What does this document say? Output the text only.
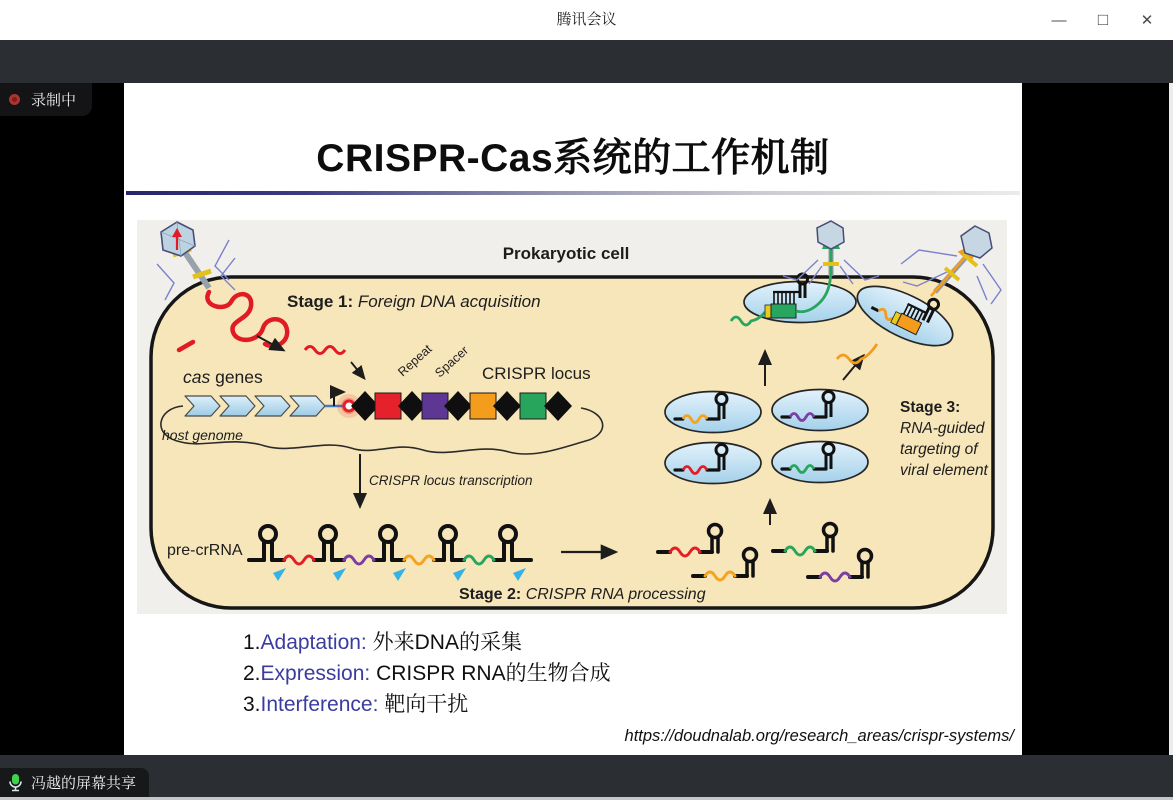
腾讯会议	—	□	✕
CRISPR-Cas系统的工作机制
Prokaryotic cell
Stage 1: Foreign DNA acquisition
cas genes	Repeat
Spacer CRISPR locus
host genome
CRISPR locus transcription
pre-crRNA
Stage 2: CRISPR RNA processing
Stage 3:
RNA-guided
targeting of
viral element
1.Adaptation: 外来DNA的采集
2.Expression: CRISPR RNA的生物合成
3.Interference: 靶向干扰
https://doudnalab.org/research_areas/crispr-systems/
录制中
冯越的屏幕共享
